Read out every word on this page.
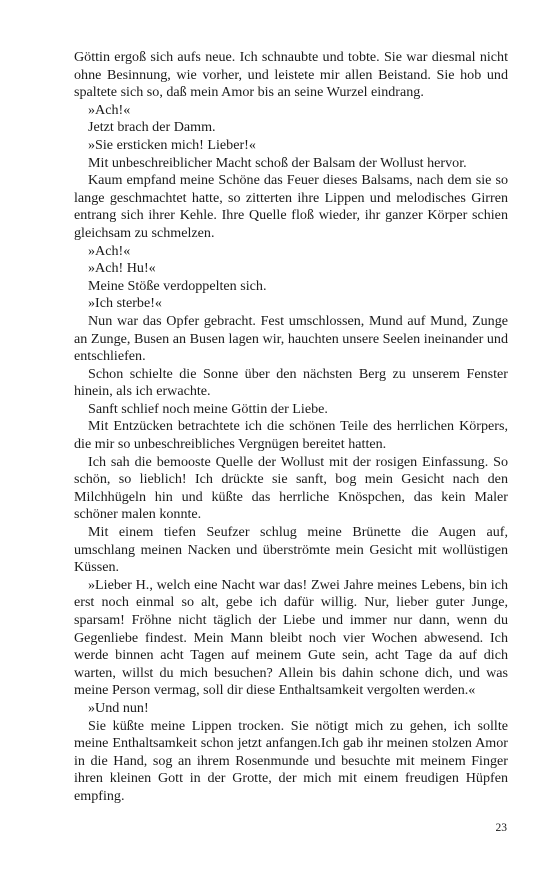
Göttin ergoß sich aufs neue. Ich schnaubte und tobte. Sie war diesmal nicht ohne Besinnung, wie vorher, und leistete mir allen Beistand. Sie hob und spaltete sich so, daß mein Amor bis an seine Wurzel eindrang.

»Ach!«

Jetzt brach der Damm.

»Sie ersticken mich! Lieber!«

Mit unbeschreiblicher Macht schoß der Balsam der Wollust hervor.

Kaum empfand meine Schöne das Feuer dieses Balsams, nach dem sie so lange geschmachtet hatte, so zitterten ihre Lippen und melodisches Girren entrang sich ihrer Kehle. Ihre Quelle floß wieder, ihr ganzer Körper schien gleichsam zu schmelzen.

»Ach!«

»Ach! Hu!«

Meine Stöße verdoppelten sich.

»Ich sterbe!«

Nun war das Opfer gebracht. Fest umschlossen, Mund auf Mund, Zunge an Zunge, Busen an Busen lagen wir, hauchten unsere Seelen ineinander und entschliefen.

Schon schielte die Sonne über den nächsten Berg zu unserem Fenster hinein, als ich erwachte.

Sanft schlief noch meine Göttin der Liebe.

Mit Entzücken betrachtete ich die schönen Teile des herrlichen Körpers, die mir so unbeschreibliches Vergnügen bereitet hatten.

Ich sah die bemooste Quelle der Wollust mit der rosigen Einfassung. So schön, so lieblich! Ich drückte sie sanft, bog mein Gesicht nach den Milchhügeln hin und küßte das herrliche Knöspchen, das kein Maler schöner malen konnte.

Mit einem tiefen Seufzer schlug meine Brünette die Augen auf, umschlang meinen Nacken und überströmte mein Gesicht mit wollüstigen Küssen.

»Lieber H., welch eine Nacht war das! Zwei Jahre meines Lebens, bin ich erst noch einmal so alt, gebe ich dafür willig. Nur, lieber guter Junge, sparsam! Fröhne nicht täglich der Liebe und immer nur dann, wenn du Gegenliebe findest. Mein Mann bleibt noch vier Wochen abwesend. Ich werde binnen acht Tagen auf meinem Gute sein, acht Tage da auf dich warten, willst du mich besuchen? Allein bis dahin schone dich, und was meine Person vermag, soll dir diese Enthaltsamkeit vergolten werden.«

»Und nun!

Sie küßte meine Lippen trocken. Sie nötigt mich zu gehen, ich sollte meine Enthaltsamkeit schon jetzt anfangen.Ich gab ihr meinen stolzen Amor in die Hand, sog an ihrem Rosenmunde und besuchte mit meinem Finger ihren kleinen Gott in der Grotte, der mich mit einem freudigen Hüpfen empfing.

23
